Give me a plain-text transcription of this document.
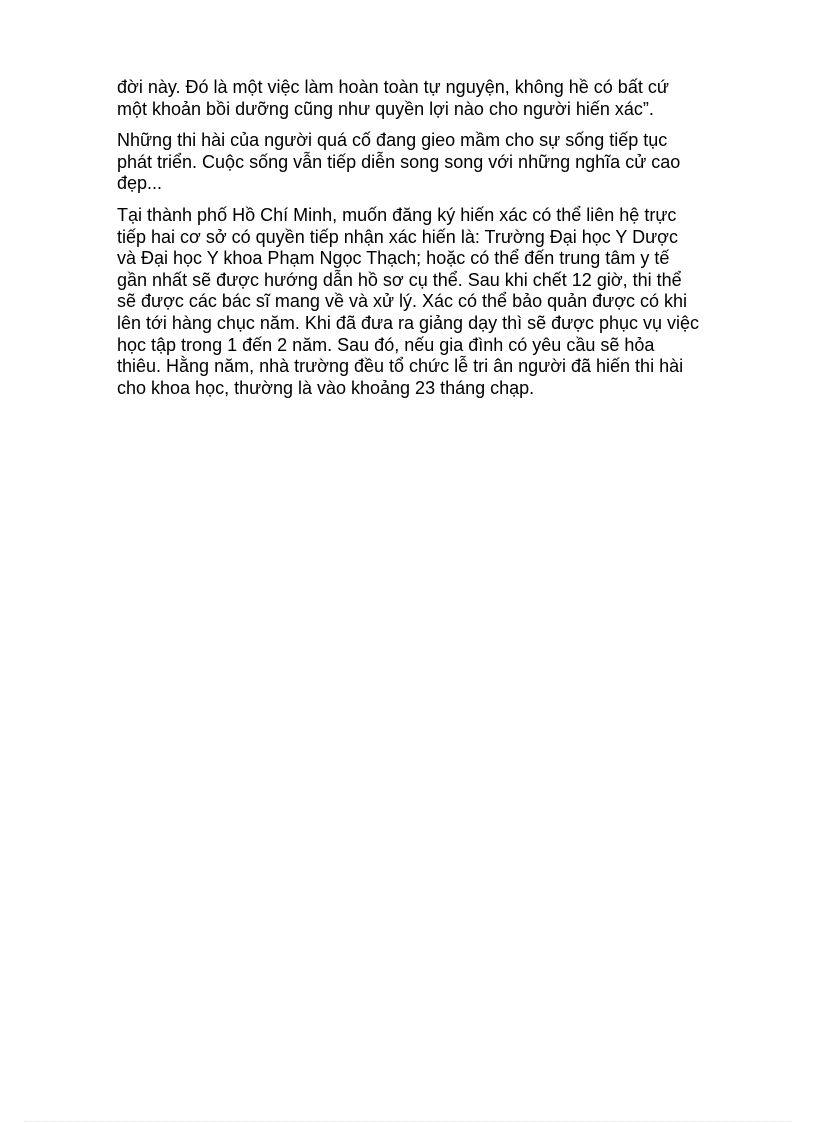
đời này. Đó là một việc làm hoàn toàn tự nguyện, không hề có bất cứ
một khoản bồi dưỡng cũng như quyền lợi nào cho người hiến xác”.

Những thi hài của người quá cố đang gieo mầm cho sự sống tiếp tục
phát triển. Cuộc sống vẫn tiếp diễn song song với những nghĩa cử cao
đẹp...

Tại thành phố Hồ Chí Minh, muốn đăng ký hiến xác có thể liên hệ trực
tiếp hai cơ sở có quyền tiếp nhận xác hiến là: Trường Đại học Y Dược
và Đại học Y khoa Phạm Ngọc Thạch; hoặc có thể đến trung tâm y tế
gần nhất sẽ được hướng dẫn hồ sơ cụ thể. Sau khi chết 12 giờ, thi thể
sẽ được các bác sĩ mang về và xử lý. Xác có thể bảo quản được có khi
lên tới hàng chục năm. Khi đã đưa ra giảng dạy thì sẽ được phục vụ việc
học tập trong 1 đến 2 năm. Sau đó, nếu gia đình có yêu cầu sẽ hỏa
thiêu. Hằng năm, nhà trường đều tổ chức lễ tri ân người đã hiến thi hài
cho khoa học, thường là vào khoảng 23 tháng chạp.
